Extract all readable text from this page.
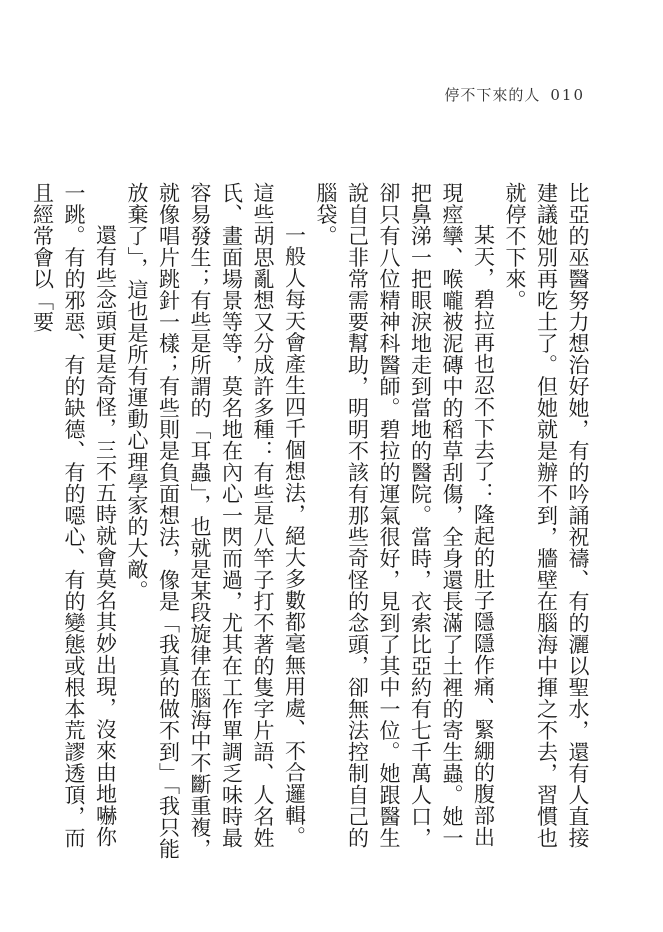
停不下來的人 010

比亞的巫醫努力想治好她，有的吟誦祝禱、有的灑以聖水，還有人直接建議她別再吃土了。但她就是辦不到，牆壁在腦海中揮之不去，習慣也就停不下來。

某天，碧拉再也忍不下去了：隆起的肚子隱隱作痛、緊綳的腹部出現痙攣、喉嚨被泥磚中的稻草刮傷，全身還長滿了土裡的寄生蟲。她一把鼻涕一把眼淚地走到當地的醫院。當時，衣索比亞約有七千萬人口，卻只有八位精神科醫師。碧拉的運氣很好，見到了其中一位。她跟醫生說自己非常需要幫助，明明不該有那些奇怪的念頭，卻無法控制自己的腦袋。

一般人每天會產生四千個想法，絕大多數都毫無用處、不合邏輯。這些胡思亂想又分成許多種：有些是八竿子打不著的隻字片語、人名姓氏、畫面場景等等，莫名地在內心一閃而過，尤其在工作單調乏味時最容易發生；有些是所謂的「耳蟲」，也就是某段旋律在腦海中不斷重複，就像唱片跳針一樣；有些則是負面想法，像是「我真的做不到」「我只能放棄了」，這也是所有運動心理學家的大敵。

還有些念頭更是奇怪，三不五時就會莫名其妙出現，沒來由地嚇你一跳。有的邪惡、有的缺德、有的噁心、有的變態或根本荒謬透頂，而且經常會以「要
